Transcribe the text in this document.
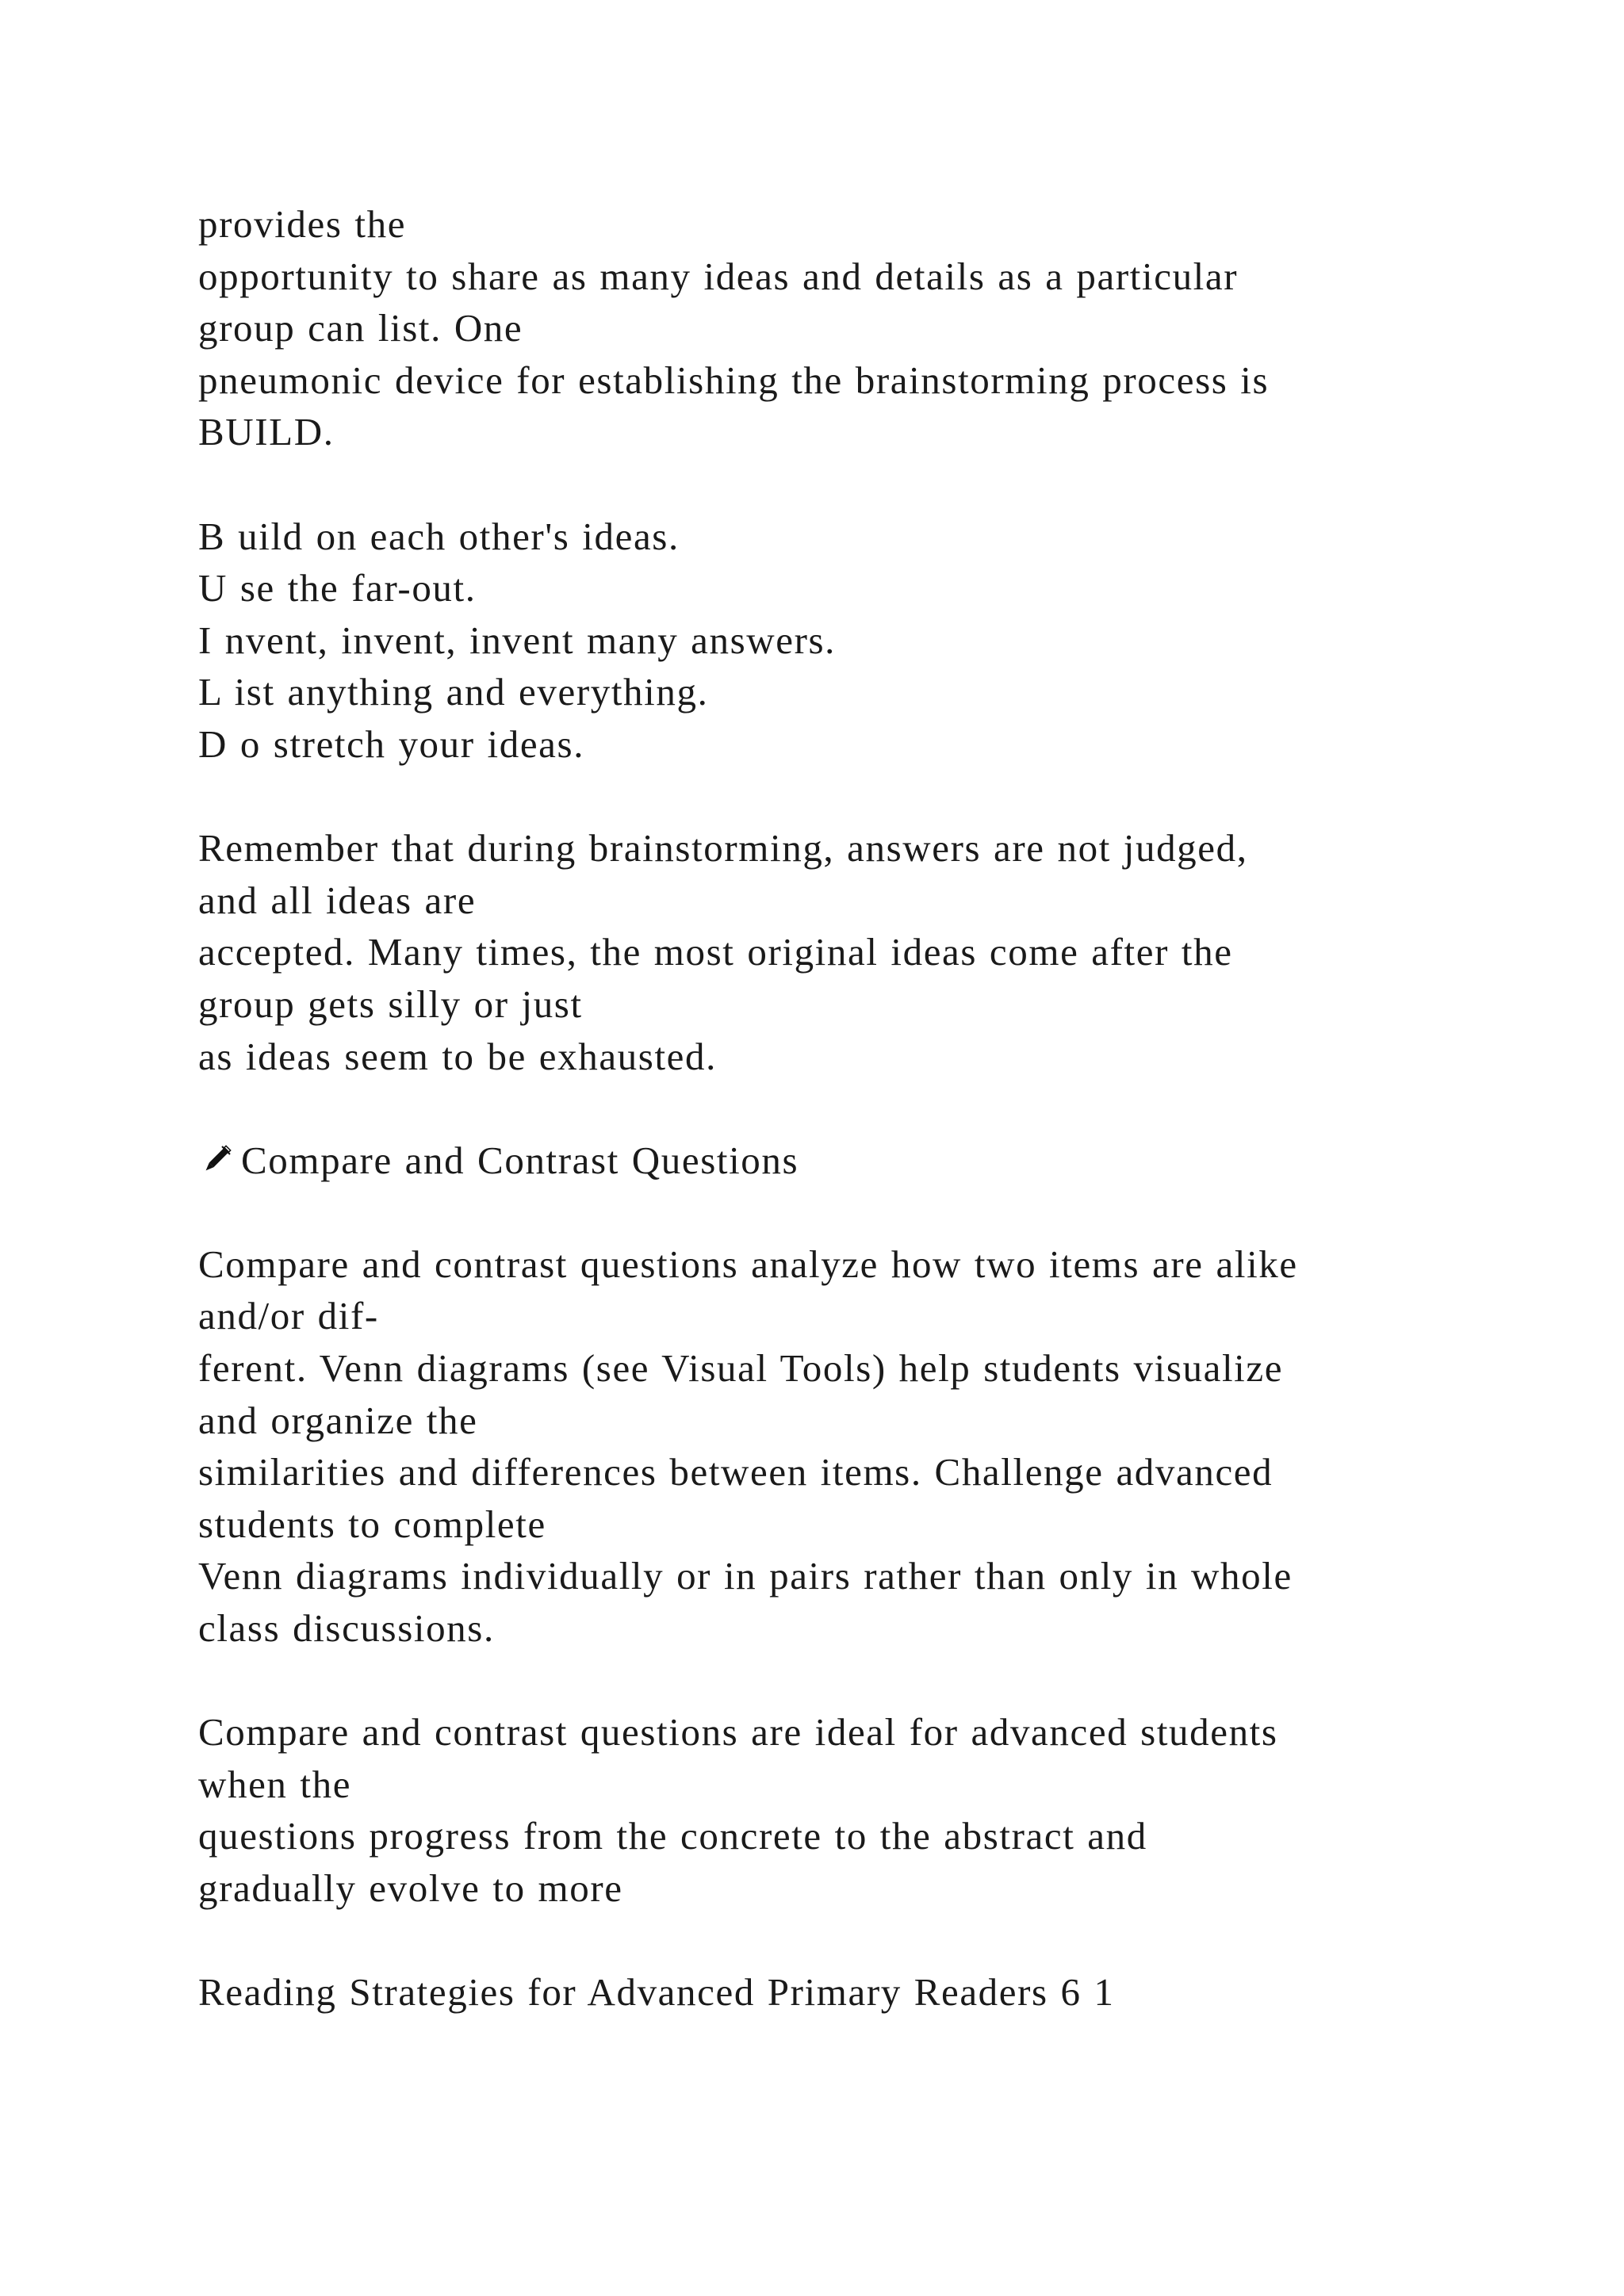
provides the
opportunity to share as many ideas and details as a particular
group can list. One
pneumonic device for establishing the brainstorming process is
BUILD.
B uild on each other's ideas.
U se the far-out.
I nvent, invent, invent many answers.
L ist anything and everything.
D o stretch your ideas.
Remember that during brainstorming, answers are not judged,
and all ideas are
accepted. Many times, the most original ideas come after the
group gets silly or just
as ideas seem to be exhausted.
Compare and Contrast Questions
Compare and contrast questions analyze how two items are alike
and/or dif-
ferent. Venn diagrams (see Visual Tools) help students visualize
and organize the
similarities and differences between items. Challenge advanced
students to complete
Venn diagrams individually or in pairs rather than only in whole
class discussions.
Compare and contrast questions are ideal for advanced students
when the
questions progress from the concrete to the abstract and
gradually evolve to more
Reading Strategies for Advanced Primary Readers 6 1
